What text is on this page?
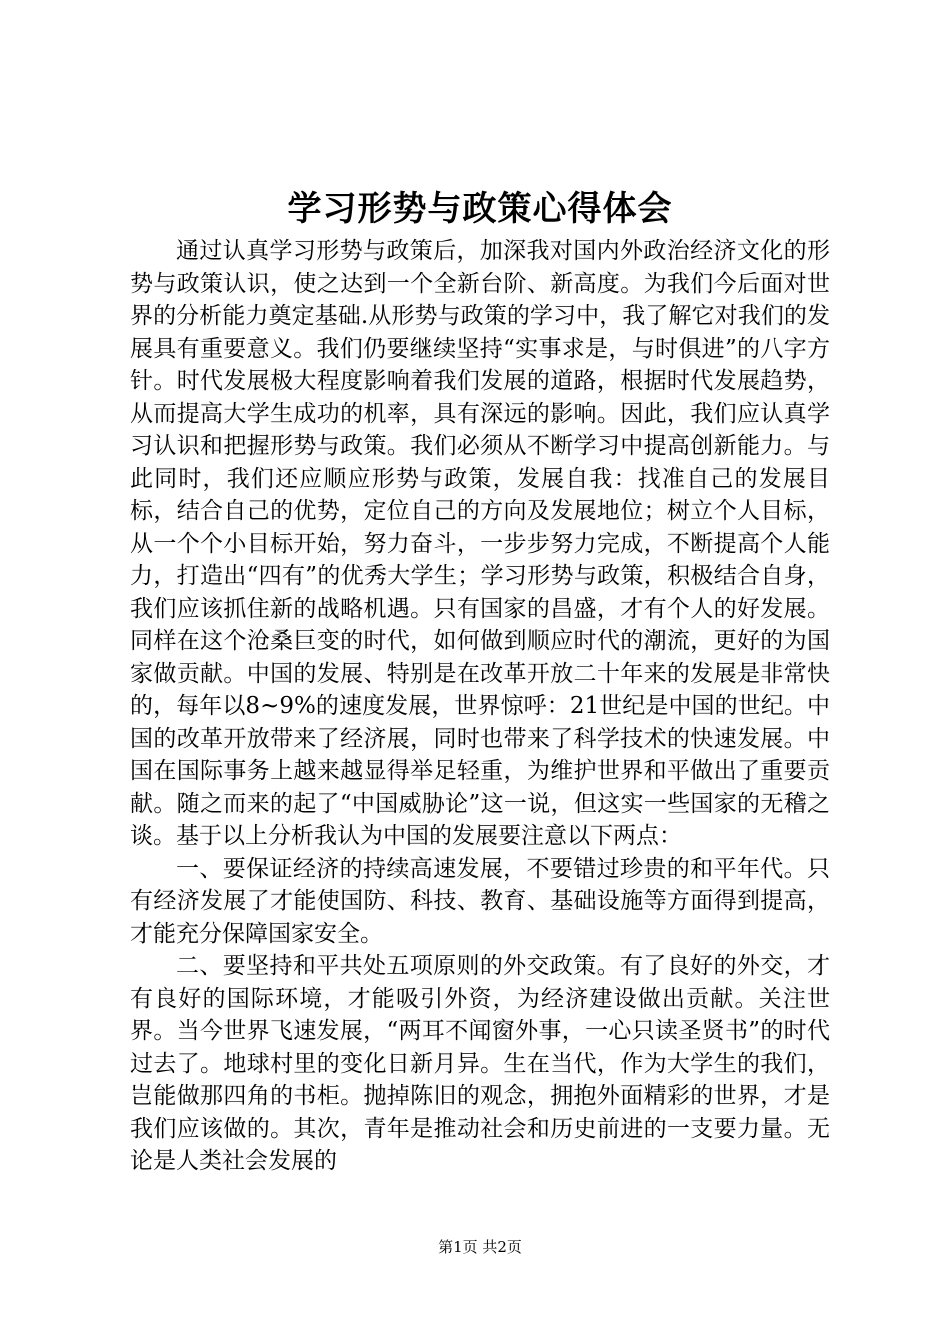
学习形势与政策心得体会

通过认真学习形势与政策后，加深我对国内外政治经济文化的形势与政策认识，使之达到一个全新台阶、新高度。为我们今后面对世界的分析能力奠定基础.从形势与政策的学习中，我了解它对我们的发展具有重要意义。我们仍要继续坚持“实事求是，与时俱进”的八字方针。时代发展极大程度影响着我们发展的道路，根据时代发展趋势，从而提高大学生成功的机率，具有深远的影响。因此，我们应认真学习认识和把握形势与政策。我们必须从不断学习中提高创新能力。与此同时，我们还应顺应形势与政策，发展自我：找准自己的发展目标，结合自己的优势，定位自己的方向及发展地位；树立个人目标，从一个个小目标开始，努力奋斗，一步步努力完成，不断提高个人能力，打造出“四有”的优秀大学生；学习形势与政策，积极结合自身，我们应该抓住新的战略机遇。只有国家的昌盛，才有个人的好发展。同样在这个沧桑巨变的时代，如何做到顺应时代的潮流，更好的为国家做贡献。中国的发展、特别是在改革开放二十年来的发展是非常快的，每年以8~9%的速度发展，世界惊呼：21世纪是中国的世纪。中国的改革开放带来了经济展，同时也带来了科学技术的快速发展。中国在国际事务上越来越显得举足轻重，为维护世界和平做出了重要贡献。随之而来的起了“中国威胁论”这一说，但这实一些国家的无稽之谈。基于以上分析我认为中国的发展要注意以下两点：

一、要保证经济的持续高速发展，不要错过珍贵的和平年代。只有经济发展了才能使国防、科技、教育、基础设施等方面得到提高，才能充分保障国家安全。

二、要坚持和平共处五项原则的外交政策。有了良好的外交，才有良好的国际环境，才能吸引外资，为经济建设做出贡献。关注世界。当今世界飞速发展，“两耳不闻窗外事，一心只读圣贤书”的时代过去了。地球村里的变化日新月异。生在当代，作为大学生的我们，岂能做那四角的书柜。抛掉陈旧的观念，拥抱外面精彩的世界，才是我们应该做的。其次，青年是推动社会和历史前进的一支要力量。无论是人类社会发展的

第1页 共2页
